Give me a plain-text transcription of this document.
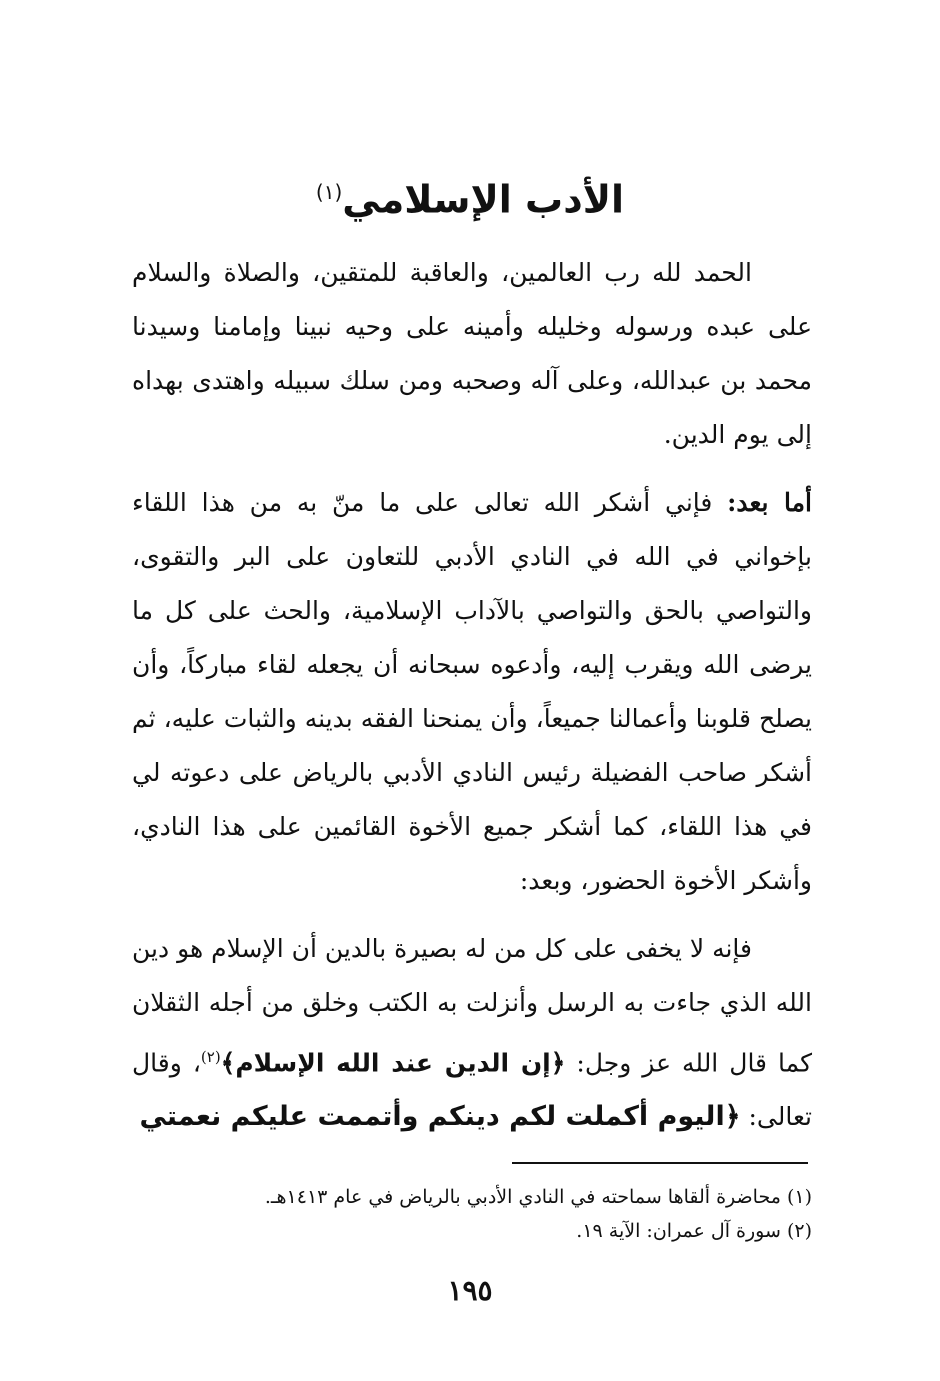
الأدب الإسلامي$^{(١)}$

الحمد لله رب العالمين، والعاقبة للمتقين، والصلاة والسلام على عبده ورسوله وخليله وأمينه على وحيه نبينا وإمامنا وسيدنا محمد بن عبدالله، وعلى آله وصحبه ومن سلك سبيله واهتدى بهداه إلى يوم الدين.

أما بعد: فإني أشكر الله تعالى على ما منّ به من هذا اللقاء بإخواني في الله في النادي الأدبي للتعاون على البر والتقوى، والتواصي بالحق والتواصي بالآداب الإسلامية، والحث على كل ما يرضى الله ويقرب إليه، وأدعوه سبحانه أن يجعله لقاء مباركاً، وأن يصلح قلوبنا وأعمالنا جميعاً، وأن يمنحنا الفقه بدينه والثبات عليه، ثم أشكر صاحب الفضيلة رئيس النادي الأدبي بالرياض على دعوته لي في هذا اللقاء، كما أشكر جميع الأخوة القائمين على هذا النادي، وأشكر الأخوة الحضور، وبعد:

فإنه لا يخفى على كل من له بصيرة بالدين أن الإسلام هو دين الله الذي جاءت به الرسل وأنزلت به الكتب وخلق من أجله الثقلان كما قال الله عز وجل: ﴿إن الدين عند الله الإسلام﴾$^{(٢)}$، وقال تعالى: ﴿اليوم أكملت لكم دينكم وأتممت عليكم نعمتي

(١) محاضرة ألقاها سماحته في النادي الأدبي بالرياض في عام ١٤١٣هـ.

(٢) سورة آل عمران: الآية ١٩.

١٩٥
